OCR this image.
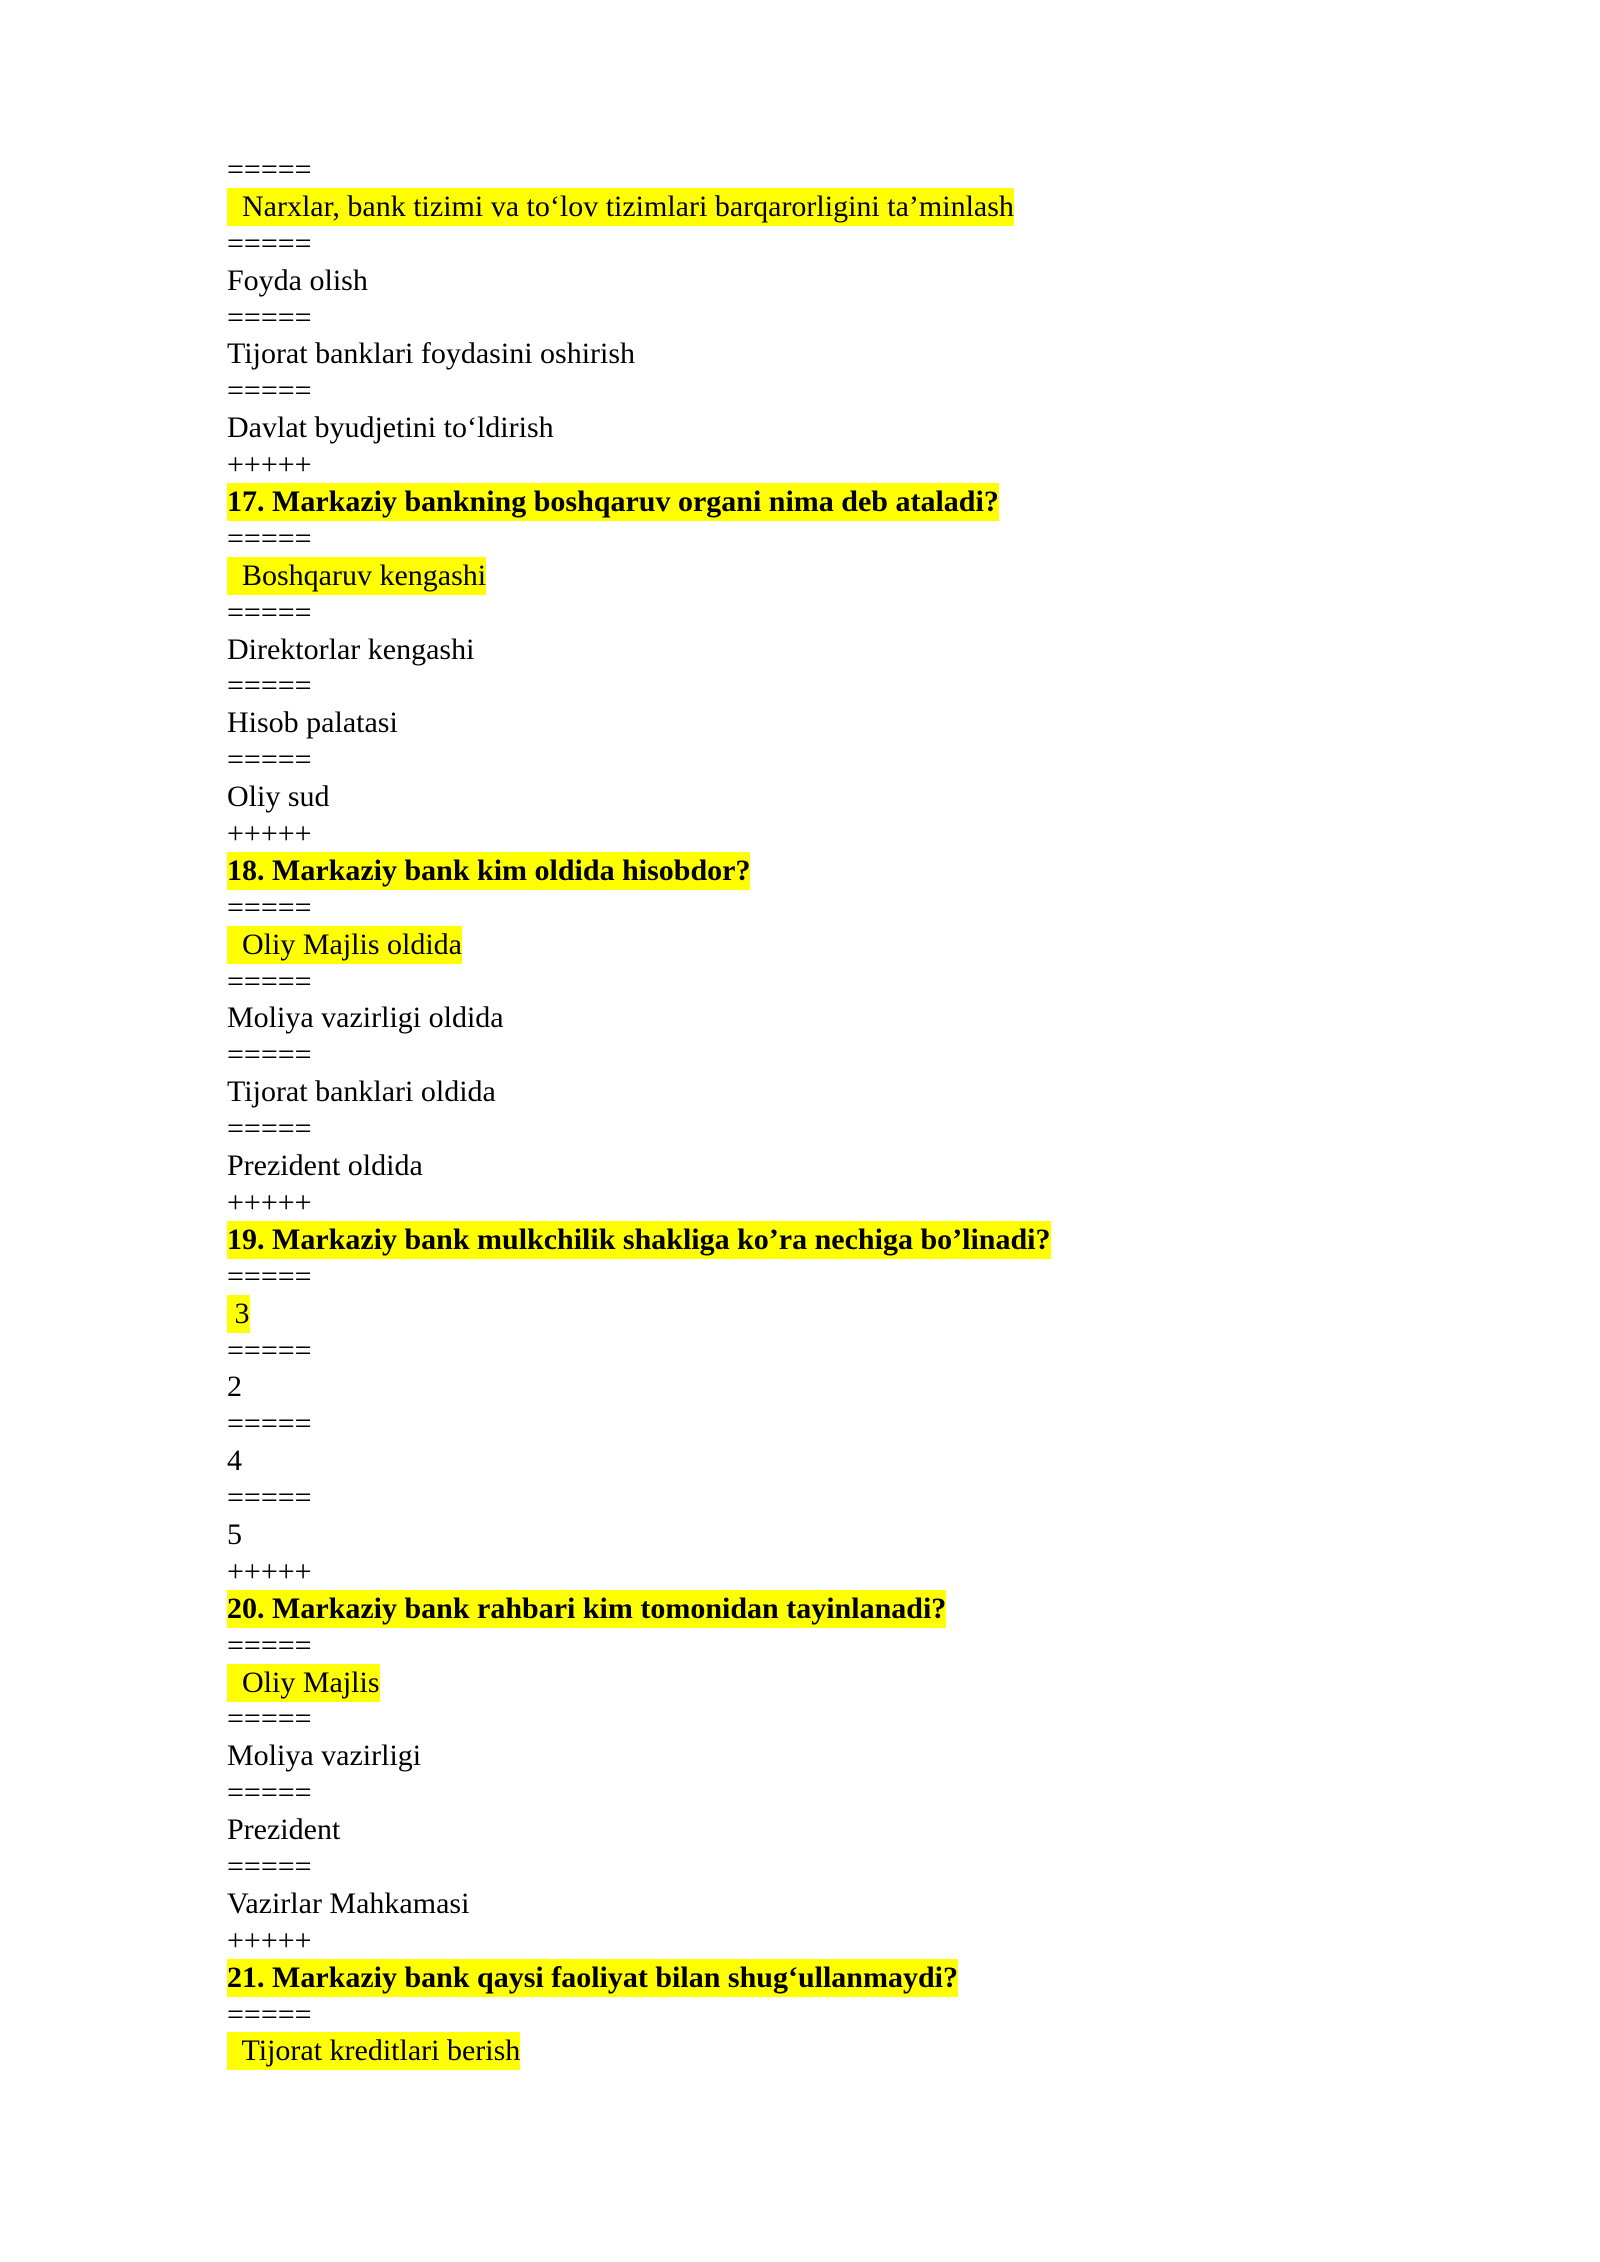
=====
Narxlar, bank tizimi va to‘lov tizimlari barqarorligini ta’minlash
=====
Foyda olish
=====
Tijorat banklari foydasini oshirish
=====
Davlat byudjetini to‘ldirish
+++++
17. Markaziy bankning boshqaruv organi nima deb ataladi?
=====
Boshqaruv kengashi
=====
Direktorlar kengashi
=====
Hisob palatasi
=====
Oliy sud
+++++
18. Markaziy bank kim oldida hisobdor?
=====
Oliy Majlis oldida
=====
Moliya vazirligi oldida
=====
Tijorat banklari oldida
=====
Prezident oldida
+++++
19. Markaziy bank mulkchilik shakliga ko’ra nechiga bo’linadi?
=====
3
=====
2
=====
4
=====
5
+++++
20. Markaziy bank rahbari kim tomonidan tayinlanadi?
=====
Oliy Majlis
=====
Moliya vazirligi
=====
Prezident
=====
Vazirlar Mahkamasi
+++++
21. Markaziy bank qaysi faoliyat bilan shug‘ullanmaydi?
=====
Tijorat kreditlari berish
